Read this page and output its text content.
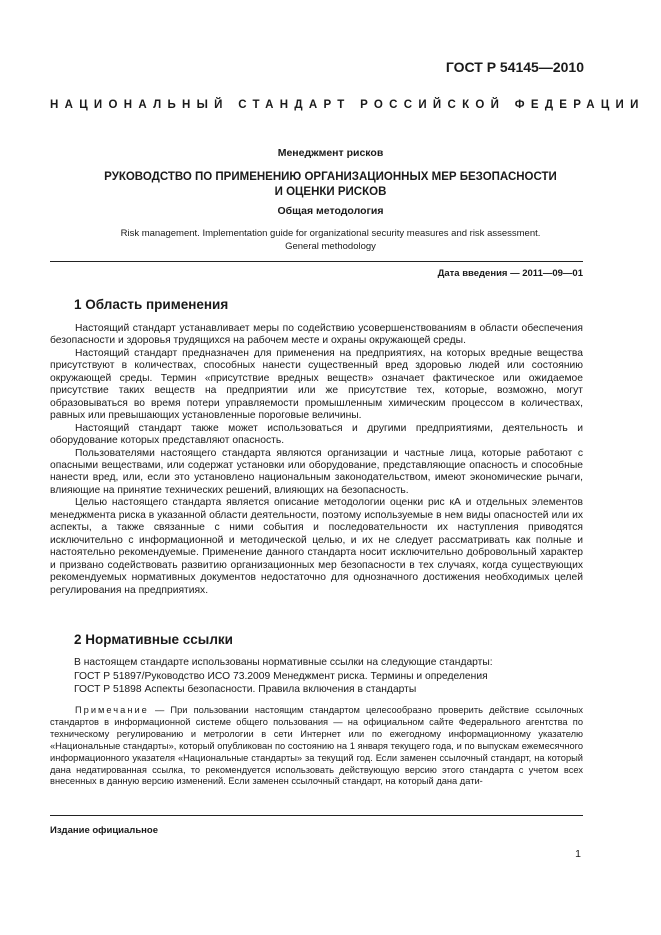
ГОСТ Р 54145—2010
НАЦИОНАЛЬНЫЙ СТАНДАРТ РОССИЙСКОЙ ФЕДЕРАЦИИ
Менеджмент рисков
РУКОВОДСТВО ПО ПРИМЕНЕНИЮ ОРГАНИЗАЦИОННЫХ МЕР БЕЗОПАСНОСТИ
И ОЦЕНКИ РИСКОВ
Общая методология
Risk management. Implementation guide for organizational security measures and risk assessment.
General methodology
Дата введения — 2011—09—01
1 Область применения

Настоящий стандарт устанавливает меры по содействию усовершенствованиям в области обеспечения безопасности и здоровья трудящихся на рабочем месте и охраны окружающей среды.

Настоящий стандарт предназначен для применения на предприятиях, на которых вредные вещества присутствуют в количествах, способных нанести существенный вред здоровью людей или состоянию окружающей среды. Термин «присутствие вредных веществ» означает фактическое или ожидаемое присутствие таких веществ на предприятии или же присутствие тех, которые, возможно, могут образовываться во время потери управляемости промышленным химическим процессом в количествах, равных или превышающих установленные пороговые величины.

Настоящий стандарт также может использоваться и другими предприятиями, деятельность и оборудование которых представляют опасность.

Пользователями настоящего стандарта являются организации и частные лица, которые работают с опасными веществами, или содержат установки или оборудование, представляющие опасность и способные нанести вред, или, если это установлено национальным законодательством, имеют экономические рычаги, влияющие на принятие технических решений, влияющих на безопасность.

Целью настоящего стандарта является описание методологии оценки рис кА и отдельных элементов менеджмента риска в указанной области деятельности, поэтому используемые в нем виды опасностей или их аспекты, а также связанные с ними события и последовательности их наступления приводятся исключительно с информационной и методической целью, и их не следует рассматривать как полные и настоятельно рекомендуемые. Применение данного стандарта носит исключительно добровольный характер и призвано содействовать развитию организационных мер безопасности в тех случаях, когда существующих рекомендуемых нормативных документов недостаточно для однозначного достижения необходимых целей регулирования на предприятиях.

2 Нормативные ссылки
В настоящем стандарте использованы нормативные ссылки на следующие стандарты:
ГОСТ Р 51897/Руководство ИСО 73.2009 Менеджмент риска. Термины и определения
ГОСТ Р 51898 Аспекты безопасности. Правила включения в стандарты

Примечание — При пользовании настоящим стандартом целесообразно проверить действие ссылочных стандартов в информационной системе общего пользования — на официальном сайте Федерального агентства по техническому регулированию и метрологии в сети Интернет или по ежегодному информационному указателю «Национальные стандарты», который опубликован по состоянию на 1 января текущего года, и по выпускам ежемесячного информационного указателя «Национальные стандарты» за текущий год. Если заменен ссылочный стандарт, на который дана недатированная ссылка, то рекомендуется использовать действующую версию этого стандарта с учетом всех внесенных в данную версию изменений. Если заменен ссылочный стандарт, на который дана дати-

Издание официальное
1
